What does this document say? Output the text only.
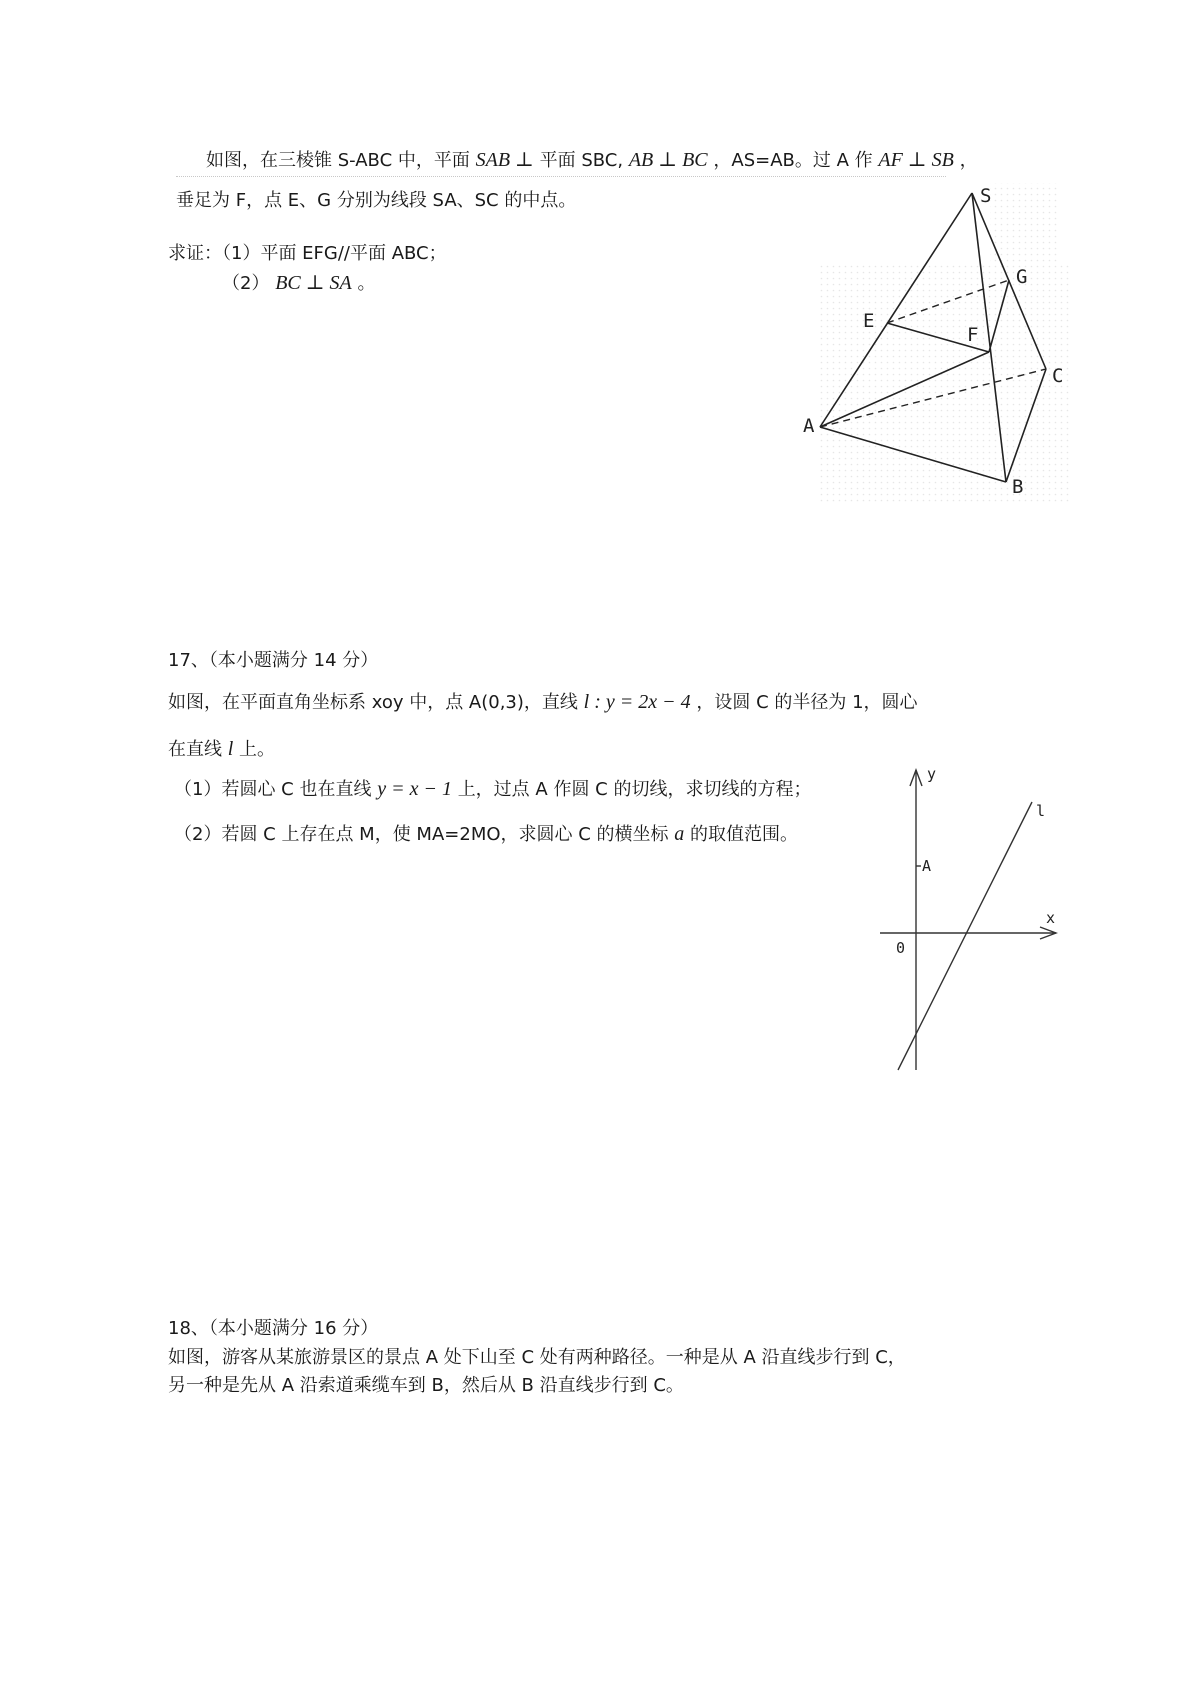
如图，在三棱锥 S-ABC 中，平面 SAB ⊥ 平面 SBC, AB ⊥ BC ，AS=AB。过 A 作 AF ⊥ SB ，
垂足为 F，点 E、G 分别为线段 SA、SC 的中点。
求证：（1）平面 EFG//平面 ABC；
（2） BC ⊥ SA 。
S
G
E
F
C
A
B
17、（本小题满分 14 分）
如图，在平面直角坐标系 xoy 中，点 A(0,3)，直线 l : y = 2x − 4 ，设圆 C 的半径为 1，圆心
在直线 l 上。
（1）若圆心 C 也在直线 y = x − 1 上，过点 A 作圆 C 的切线，求切线的方程；
（2）若圆 C 上存在点 M，使 MA=2MO，求圆心 C 的横坐标 a 的取值范围。
y
l
A
x
0
18、（本小题满分 16 分）
如图，游客从某旅游景区的景点 A 处下山至 C 处有两种路径。一种是从 A 沿直线步行到 C，
另一种是先从 A 沿索道乘缆车到 B，然后从 B 沿直线步行到 C。
